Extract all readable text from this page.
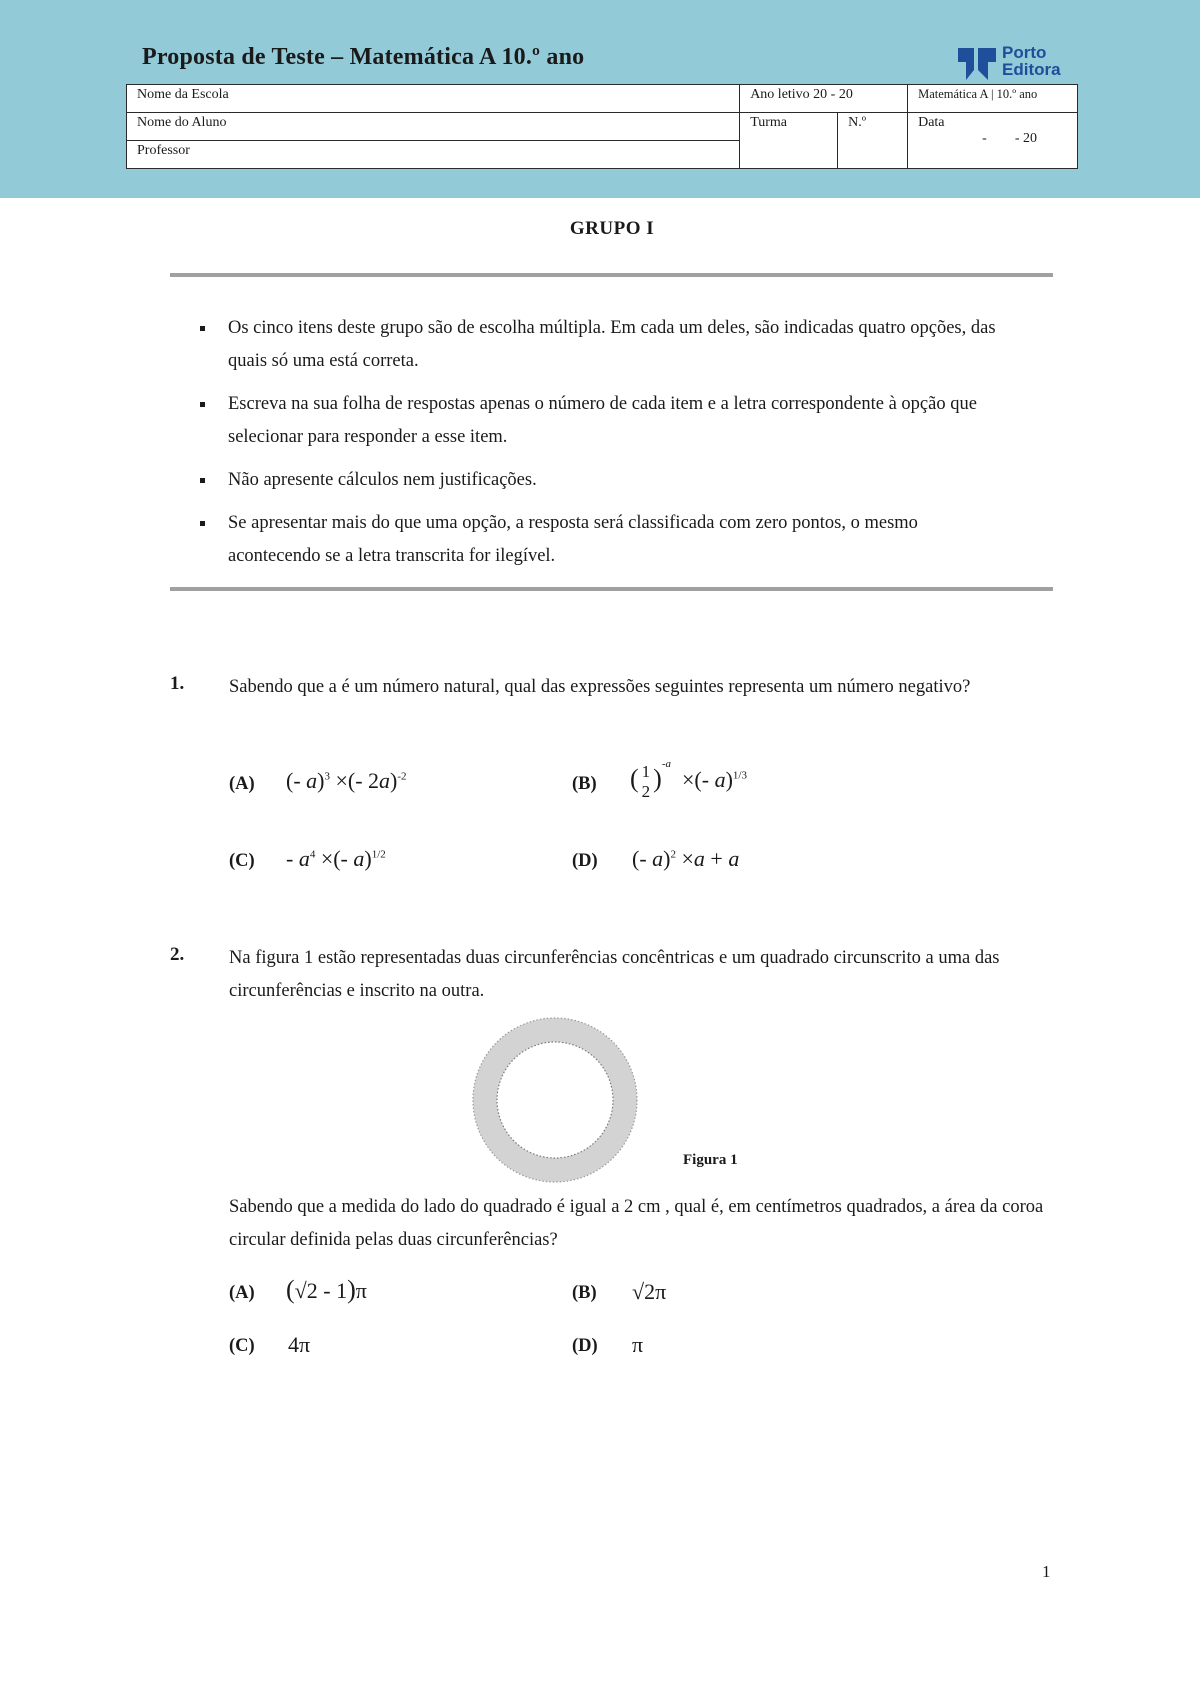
Proposta de Teste – Matemática A 10.º ano	Porto
Editora
Nome da Escola	Ano letivo 20 - 20		Matemática A | 10.º ano
Nome do Aluno	Turma	N.º	Data
-        - 20

Professor			
GRUPO I
Os cinco itens deste grupo são de escolha múltipla. Em cada um deles, são indicadas quatro opções, das quais só uma está correta.
Escreva na sua folha de respostas apenas o número de cada item e a letra correspondente à opção que selecionar para responder a esse item.
Não apresente cálculos nem justificações.
Se apresentar mais do que uma opção, a resposta será classificada com zero pontos, o mesmo acontecendo se a letra transcrita for ilegível.
1. Sabendo que a é um número natural, qual das expressões seguintes representa um número negativo?
(A) (- a)$^3$ ×(- 2a)$^{-2}$	(B) ( 1
2 )$^{-a}$  ×(- a)$^{1/3}$
$(C) - a^4$ ×(- a)$^{1/2}$	(D) (- a)$^2$ ×a + a
2. Na figura 1 estão representadas duas circunferências concêntricas e um quadrado circunscrito a uma das circunferências e inscrito na outra.
Figura 1
Sabendo que a medida do lado do quadrado é igual a 2 cm , qual é, em centímetros quadrados, a área da coroa circular definida pelas duas circunferências?
(A) (√2 - 1)π	(B) √2π
(C) 4π	(D) π
1
